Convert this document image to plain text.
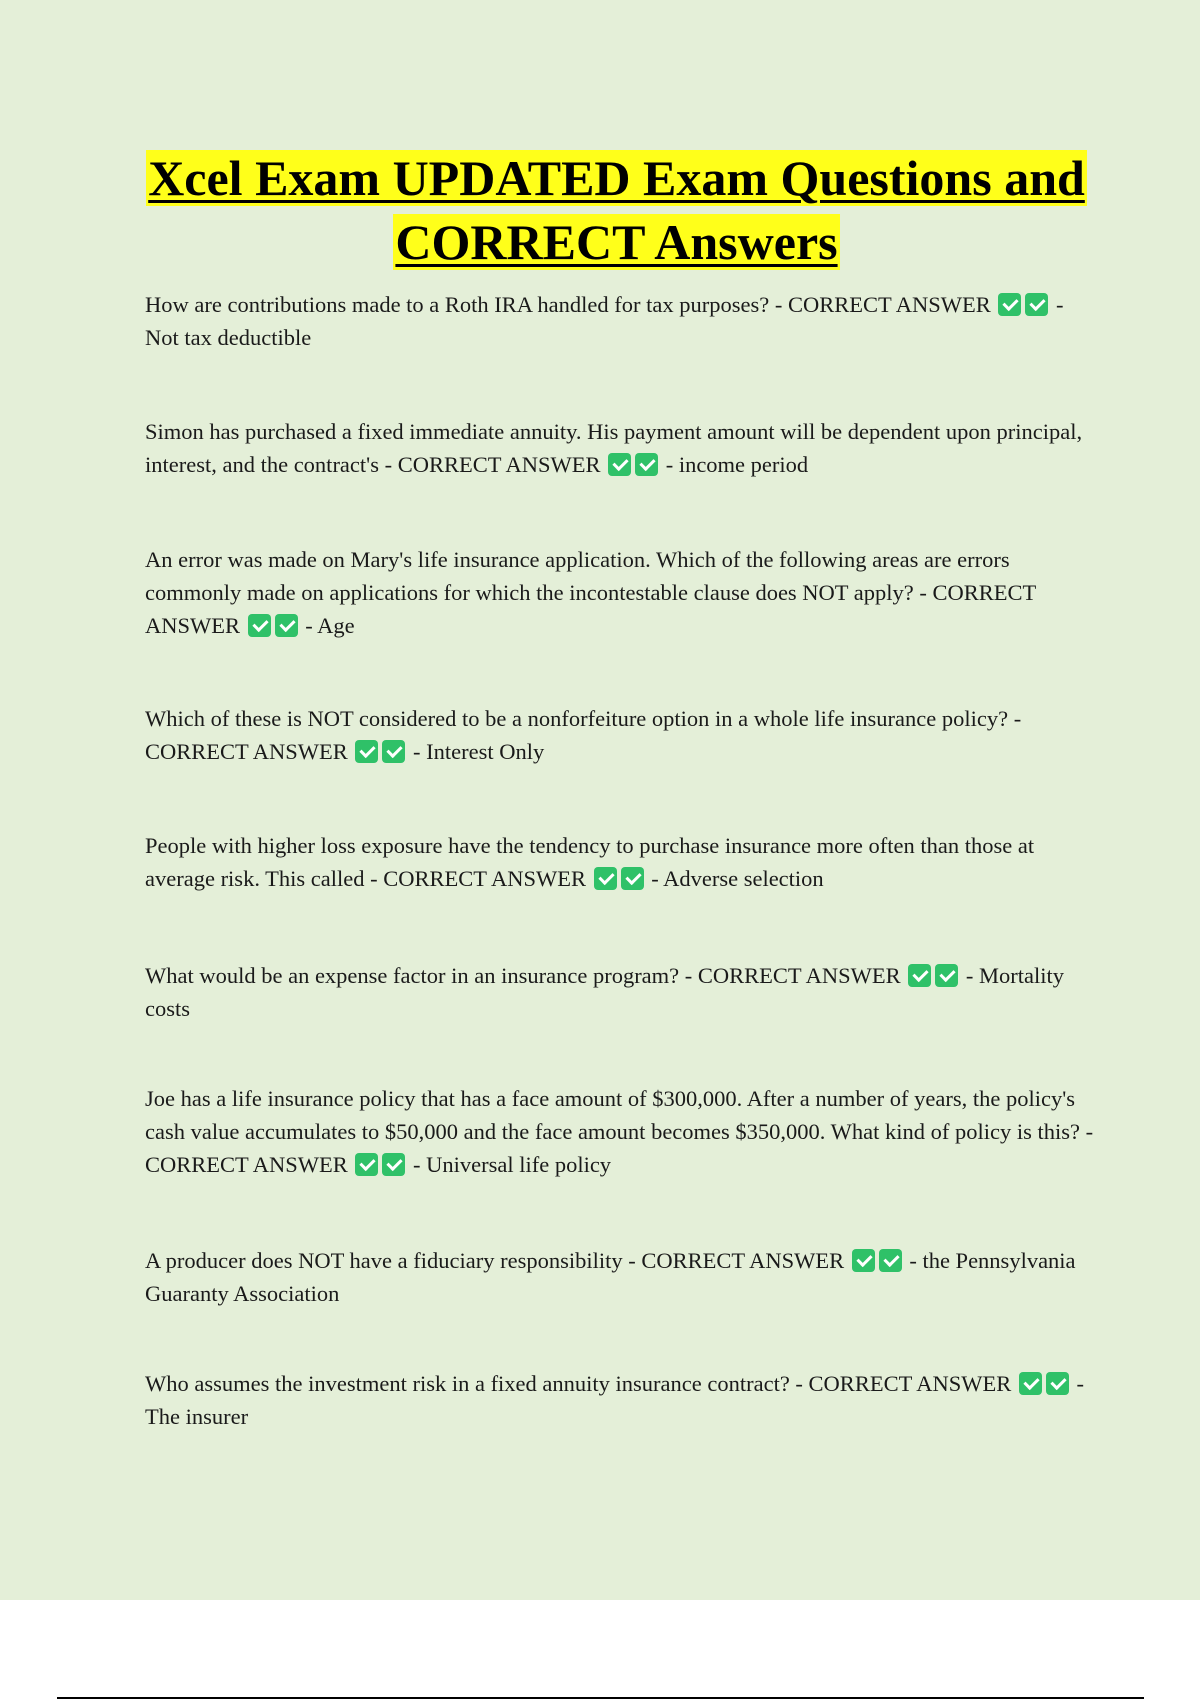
Xcel Exam UPDATED Exam Questions and
CORRECT Answers
How are contributions made to a Roth IRA handled for tax purposes? - CORRECT ANSWER	- Not tax deductible
Simon has purchased a fixed immediate annuity. His payment amount will be dependent upon principal, interest, and the contract's - CORRECT ANSWER	- income period
An error was made on Mary's life insurance application. Which of the following areas are errors commonly made on applications for which the incontestable clause does NOT apply? - CORRECT ANSWER	- Age
Which of these is NOT considered to be a nonforfeiture option in a whole life insurance policy? - CORRECT ANSWER	- Interest Only
People with higher loss exposure have the tendency to purchase insurance more often than those at average risk. This called - CORRECT ANSWER	- Adverse selection
What would be an expense factor in an insurance program? - CORRECT ANSWER	- Mortality costs
Joe has a life insurance policy that has a face amount of $300,000. After a number of years, the policy's cash value accumulates to $50,000 and the face amount becomes $350,000. What kind of policy is this? - CORRECT ANSWER	- Universal life policy
A producer does NOT have a fiduciary responsibility - CORRECT ANSWER	- the Pennsylvania Guaranty Association
Who assumes the investment risk in a fixed annuity insurance contract? - CORRECT ANSWER	- The insurer
